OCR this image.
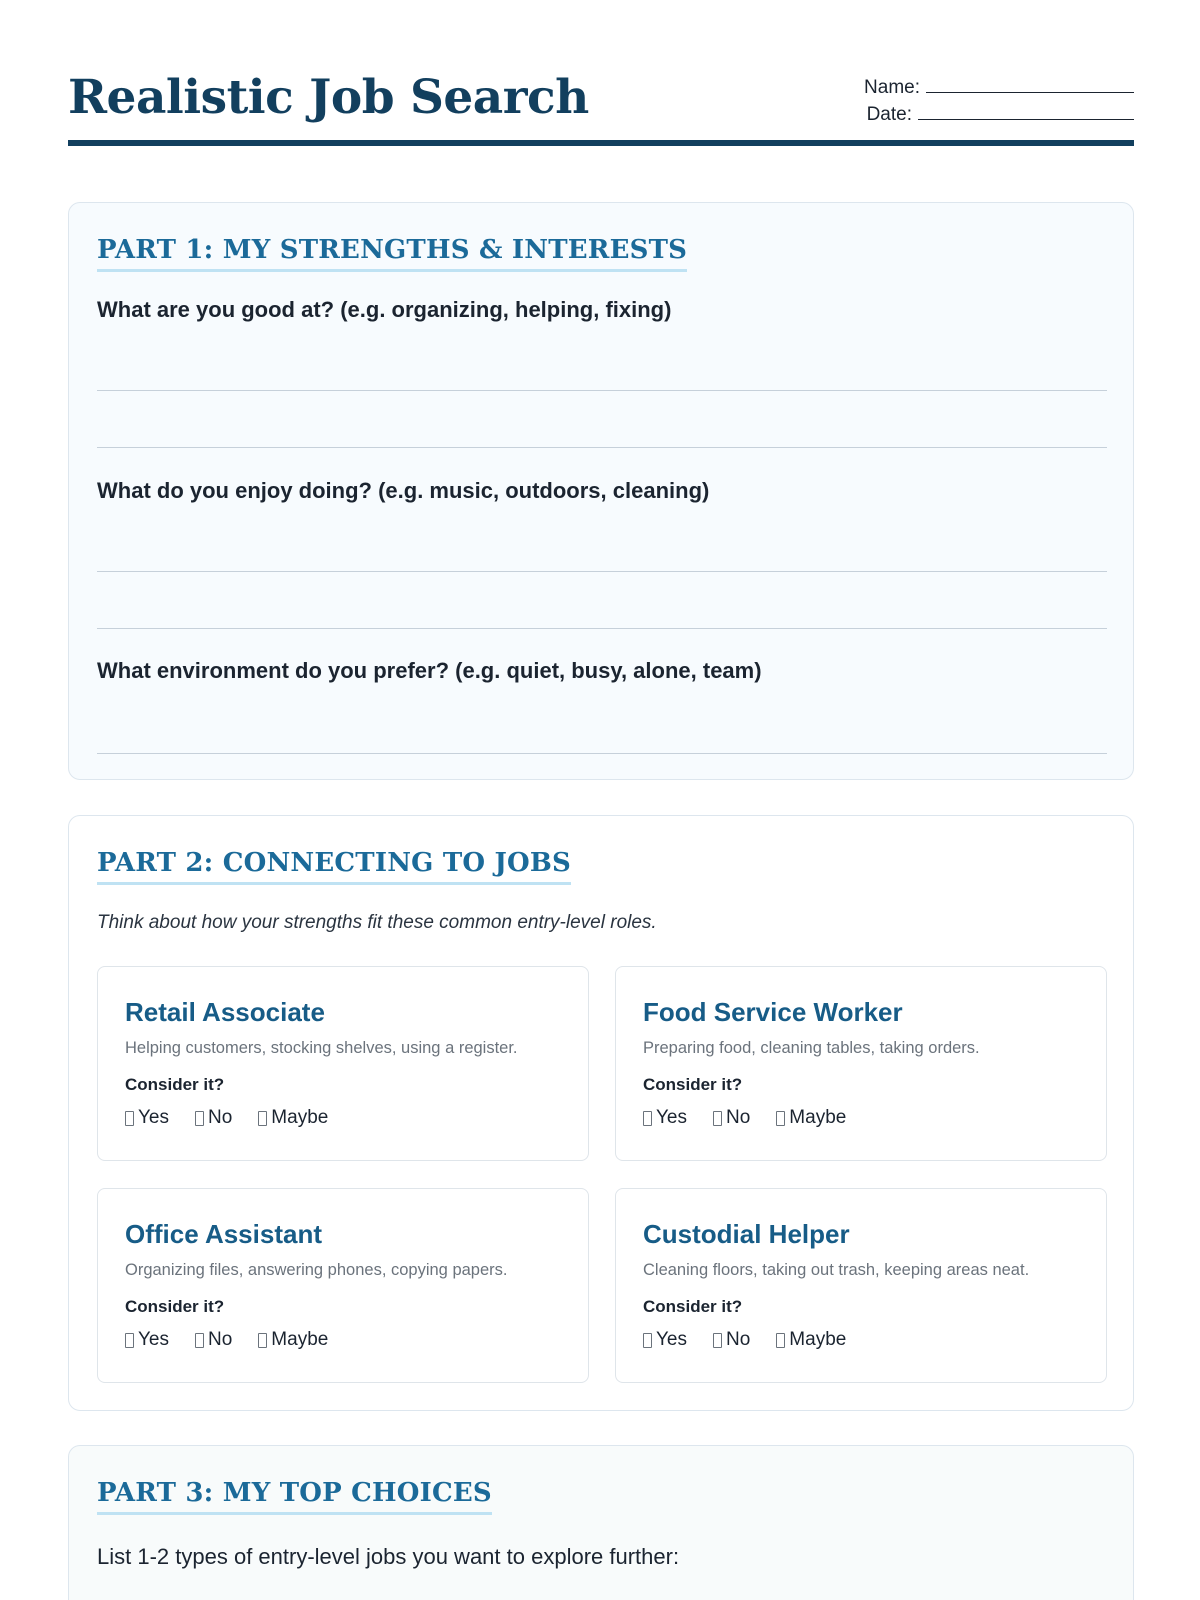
Realistic Job Search	Name:
Date:
PART 1: MY STRENGTHS & INTERESTS
What are you good at? (e.g. organizing, helping, fixing)
What do you enjoy doing? (e.g. music, outdoors, cleaning)
What environment do you prefer? (e.g. quiet, busy, alone, team)
PART 2: CONNECTING TO JOBS
Think about how your strengths fit these common entry-level roles.
Retail Associate
Helping customers, stocking shelves, using a register.
Consider it?
Yes No Maybe
Food Service Worker
Preparing food, cleaning tables, taking orders.
Consider it?
Yes No Maybe
Office Assistant
Organizing files, answering phones, copying papers.
Consider it?
Yes No Maybe
Custodial Helper
Cleaning floors, taking out trash, keeping areas neat.
Consider it?
Yes No Maybe
PART 3: MY TOP CHOICES
List 1-2 types of entry-level jobs you want to explore further:
